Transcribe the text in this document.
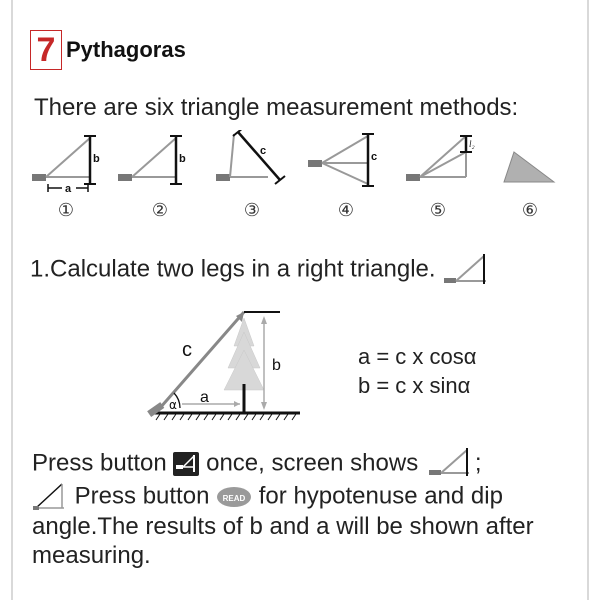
7 Pythagoras
There are six triangle measurement methods:
b
a
b
c	c
l₂
①	②	③	④	⑤	⑥
1.Calculate two legs in a right triangle.
α a
b
c	a = c x cosα
b = c x sinα
Press button once, screen shows ;
Press button READ for hypotenuse and dip
angle.The results of b and a will be shown after
measuring.
